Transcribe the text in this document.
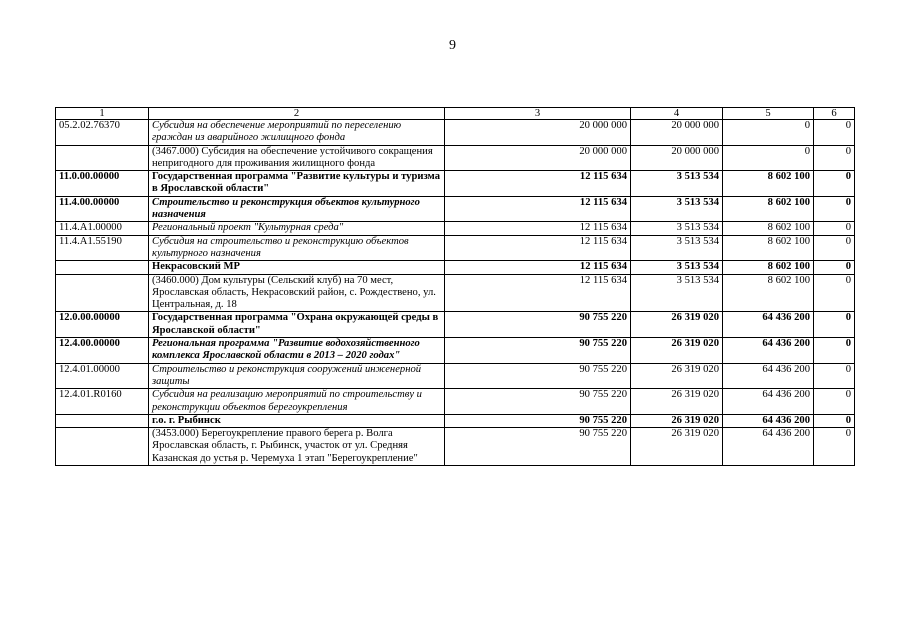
9
1	2	3	4	5	6
05.2.02.76370	Субсидия на обеспечение мероприятий по переселению граждан из аварийного жилищного фонда	20 000 000	20 000 000	0	0
	(3467.000) Субсидия на обеспечение устойчивого сокращения непригодного для проживания жилищного фонда	20 000 000	20 000 000	0	0
11.0.00.00000	Государственная программа "Развитие культуры и туризма в Ярославской области"	12 115 634	3 513 534	8 602 100	0
11.4.00.00000	Строительство и реконструкция объектов культурного назначения	12 115 634	3 513 534	8 602 100	0
11.4.A1.00000	Региональный проект "Культурная среда"	12 115 634	3 513 534	8 602 100	0
11.4.A1.55190	Субсидия на строительство и реконструкцию объектов культурного назначения	12 115 634	3 513 534	8 602 100	0
	Некрасовский МР	12 115 634	3 513 534	8 602 100	0
	(3460.000) Дом культуры (Сельский клуб) на 70 мест, Ярославская область, Некрасовский район, с. Рождествено, ул. Центральная, д. 18	12 115 634	3 513 534	8 602 100	0
12.0.00.00000	Государственная программа "Охрана окружающей среды в Ярославской области"	90 755 220	26 319 020	64 436 200	0
12.4.00.00000	Региональная программа "Развитие водохозяйственного комплекса Ярославской области в 2013 – 2020 годах"	90 755 220	26 319 020	64 436 200	0
12.4.01.00000	Строительство и реконструкция сооружений инженерной защиты	90 755 220	26 319 020	64 436 200	0
12.4.01.R0160	Субсидия на реализацию мероприятий по строительству и реконструкции объектов берегоукрепления	90 755 220	26 319 020	64 436 200	0
	г.о. г. Рыбинск	90 755 220	26 319 020	64 436 200	0
	(3453.000) Берегоукрепление правого берега р. Волга Ярославская область, г. Рыбинск, участок от ул. Средняя Казанская до устья р. Черемуха 1 этап "Берегоукрепление"	90 755 220	26 319 020	64 436 200	0
